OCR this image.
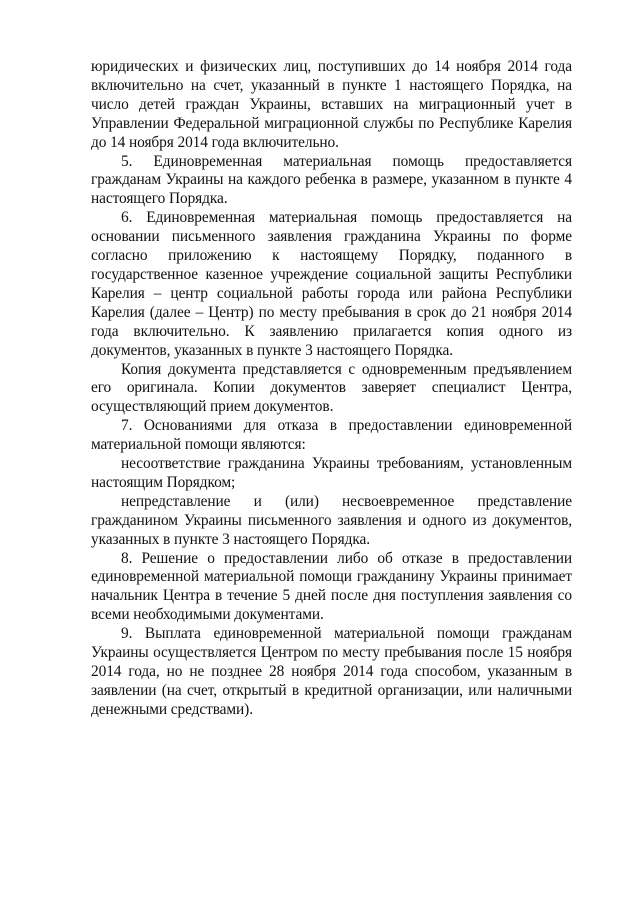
юридических и физических лиц, поступивших до 14 ноября 2014 года включительно на счет, указанный в пункте 1 настоящего Порядка, на число детей граждан Украины, вставших на миграционный учет в Управлении Федеральной миграционной службы по Республике Карелия до 14 ноября 2014 года включительно.

5. Единовременная материальная помощь предоставляется гражданам Украины на каждого ребенка в размере, указанном в пункте 4 настоящего Порядка.

6. Единовременная материальная помощь предоставляется на основании письменного заявления гражданина Украины по форме согласно приложению к настоящему Порядку, поданного в государственное казенное учреждение социальной защиты Республики Карелия – центр социальной работы города или района Республики Карелия (далее – Центр) по месту пребывания в срок до 21 ноября 2014 года включительно. К заявлению прилагается копия одного из документов, указанных в пункте 3 настоящего Порядка.

Копия документа представляется с одновременным предъявлением его оригинала. Копии документов заверяет специалист Центра, осуществляющий прием документов.

7. Основаниями для отказа в предоставлении единовременной материальной помощи являются:

несоответствие гражданина Украины требованиям, установленным настоящим Порядком;

непредставление и (или) несвоевременное представление гражданином Украины письменного заявления и одного из документов, указанных в пункте 3 настоящего Порядка.

8. Решение о предоставлении либо об отказе в предоставлении единовременной материальной помощи гражданину Украины принимает начальник Центра в течение 5 дней после дня поступления заявления со всеми необходимыми документами.

9. Выплата единовременной материальной помощи гражданам Украины осуществляется Центром по месту пребывания после 15 ноября 2014 года, но не позднее 28 ноября 2014 года способом, указанным в заявлении (на счет, открытый в кредитной организации, или наличными денежными средствами).
